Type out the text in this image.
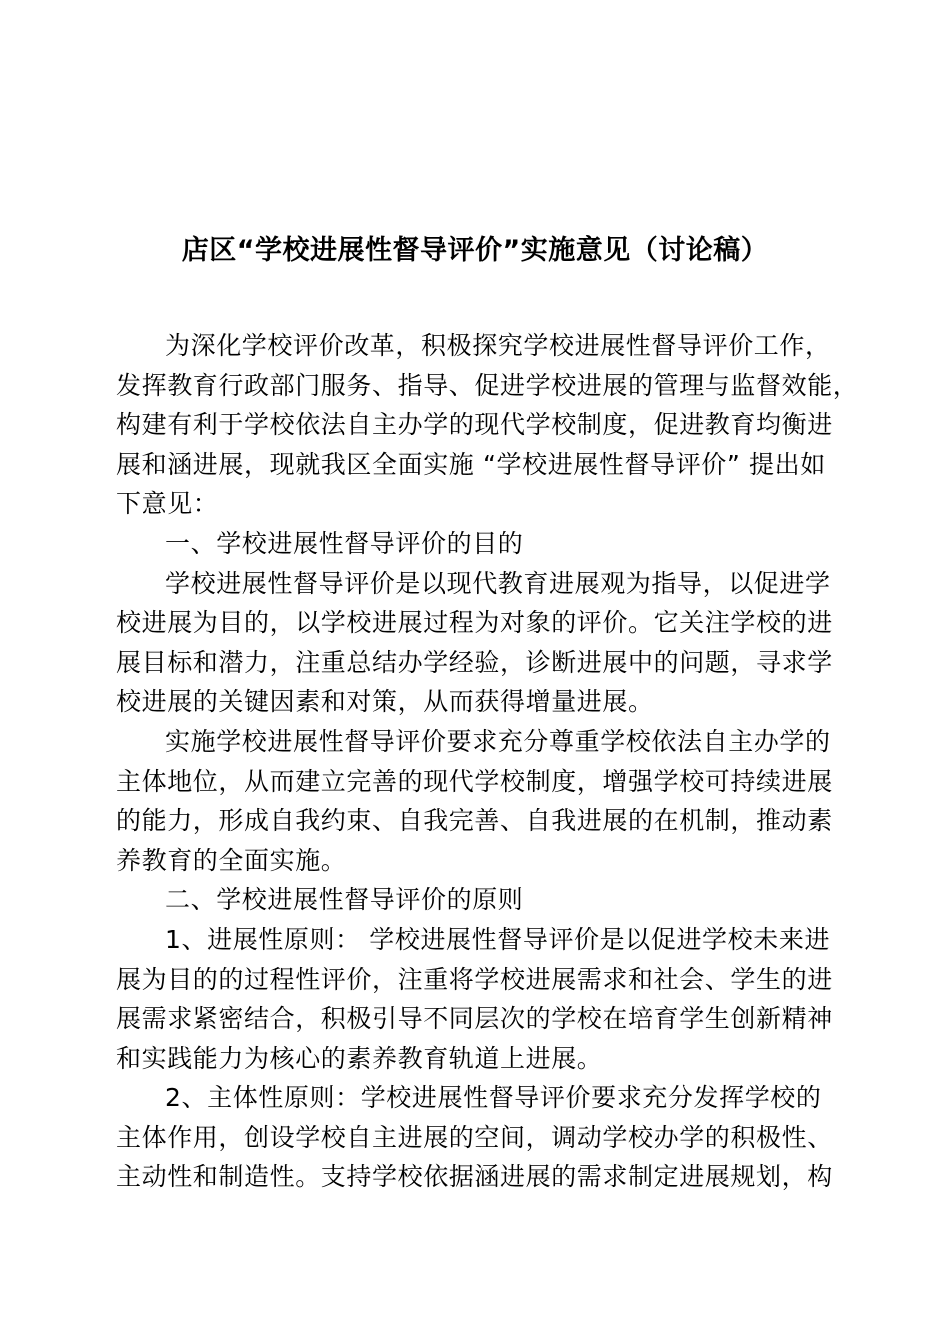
店区“学校进展性督导评价”实施意见（讨论稿）
为深化学校评价改革，积极探究学校进展性督导评价工作，
发挥教育行政部门服务、指导、促进学校进展的管理与监督效能，
构建有利于学校依法自主办学的现代学校制度，促进教育均衡进
展和涵进展，现就我区全面实施 “学校进展性督导评价” 提出如
下意见：
一、学校进展性督导评价的目的
学校进展性督导评价是以现代教育进展观为指导，以促进学
校进展为目的，以学校进展过程为对象的评价。它关注学校的进
展目标和潜力，注重总结办学经验，诊断进展中的问题，寻求学
校进展的关键因素和对策，从而获得增量进展。
实施学校进展性督导评价要求充分尊重学校依法自主办学的
主体地位，从而建立完善的现代学校制度，增强学校可持续进展
的能力，形成自我约束、自我完善、自我进展的在机制，推动素
养教育的全面实施。
二、学校进展性督导评价的原则
1、进展性原则： 学校进展性督导评价是以促进学校未来进
展为目的的过程性评价，注重将学校进展需求和社会、学生的进
展需求紧密结合，积极引导不同层次的学校在培育学生创新精神
和实践能力为核心的素养教育轨道上进展。
2、主体性原则：学校进展性督导评价要求充分发挥学校的
主体作用，创设学校自主进展的空间，调动学校办学的积极性、
主动性和制造性。支持学校依据涵进展的需求制定进展规划，构
